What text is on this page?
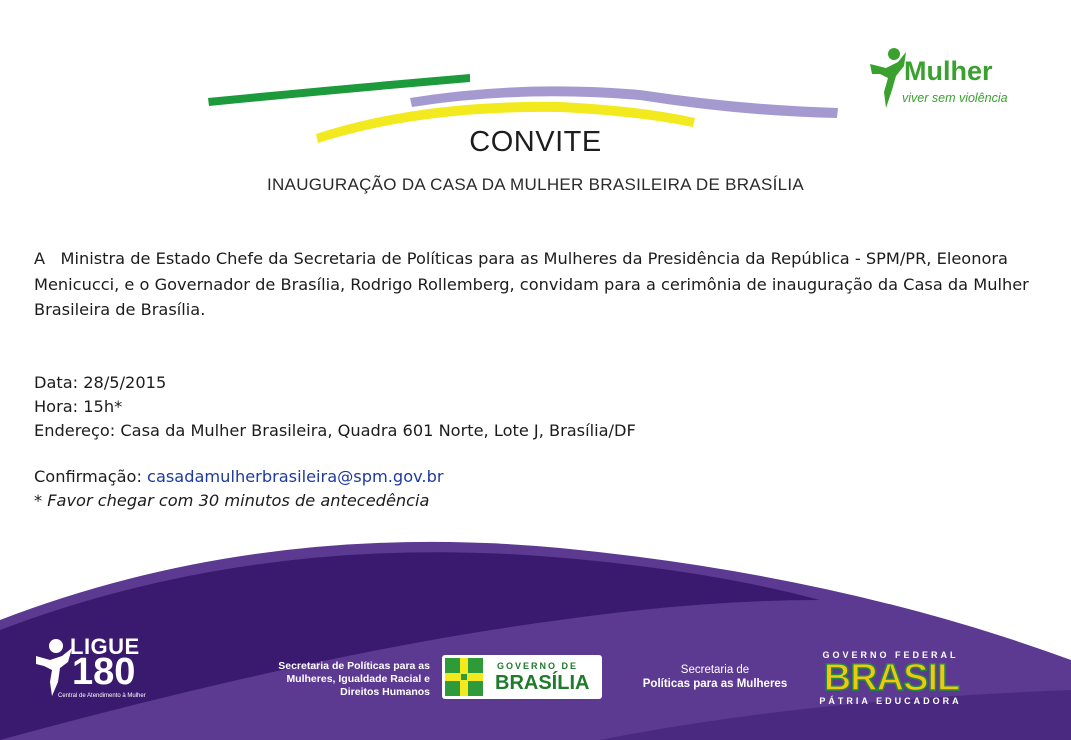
Mulher
viver sem violência
CONVITE
INAUGURAÇÃO DA CASA DA MULHER BRASILEIRA DE BRASÍLIA
A   Ministra de Estado Chefe da Secretaria de Políticas para as Mulheres da Presidência da República - SPM/PR, Eleonora Menicucci, e o Governador de Brasília, Rodrigo Rollemberg, convidam para a cerimônia de inauguração da Casa da Mulher Brasileira de Brasília.
Data: 28/5/2015
Hora: 15h*
Endereço: Casa da Mulher Brasileira, Quadra 601 Norte, Lote J, Brasília/DF
Confirmação: casadamulherbrasileira@spm.gov.br
* Favor chegar com 30 minutos de antecedência
LIGUE
180
Central de Atendimento à Mulher
Secretaria de Políticas para as Mulheres, Igualdade Racial e Direitos Humanos
GOVERNO DE
BRASÍLIA
Secretaria de
Políticas para as Mulheres
GOVERNO FEDERAL
BRASIL
PÁTRIA EDUCADORA
